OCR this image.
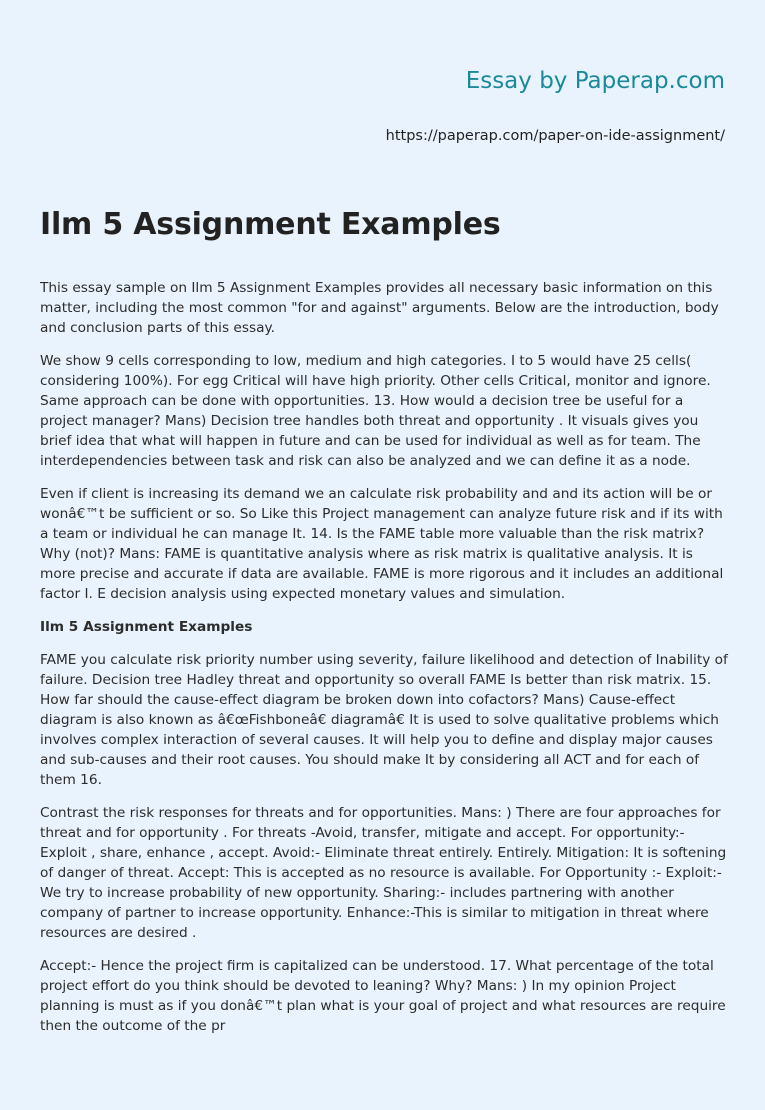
Essay by Paperap.com
https://paperap.com/paper-on-ide-assignment/
Ilm 5 Assignment Examples

This essay sample on Ilm 5 Assignment Examples provides all necessary basic information on this matter, including the most common "for and against" arguments. Below are the introduction, body and conclusion parts of this essay.

We show 9 cells corresponding to low, medium and high categories. I to 5 would have 25 cells( considering 100%). For egg Critical will have high priority. Other cells Critical, monitor and ignore. Same approach can be done with opportunities. 13. How would a decision tree be useful for a project manager? Mans) Decision tree handles both threat and opportunity . It visuals gives you brief idea that what will happen in future and can be used for individual as well as for team. The interdependencies between task and risk can also be analyzed and we can define it as a node.

Even if client is increasing its demand we an calculate risk probability and and its action will be or wonâ€™t be sufficient or so. So Like this Project management can analyze future risk and if its with a team or individual he can manage It. 14. Is the FAME table more valuable than the risk matrix? Why (not)? Mans: FAME is quantitative analysis where as risk matrix is qualitative analysis. It is more precise and accurate if data are available. FAME is more rigorous and it includes an additional factor I. E decision analysis using expected monetary values and simulation.

Ilm 5 Assignment Examples

FAME you calculate risk priority number using severity, failure likelihood and detection of Inability of failure. Decision tree Hadley threat and opportunity so overall FAME Is better than risk matrix. 15. How far should the cause-effect diagram be broken down into cofactors? Mans) Cause-effect diagram is also known as â€œFishboneâ€ diagramâ€ It is used to solve qualitative problems which involves complex interaction of several causes. It will help you to define and display major causes and sub-causes and their root causes. You should make It by considering all ACT and for each of them 16.

Contrast the risk responses for threats and for opportunities. Mans: ) There are four approaches for threat and for opportunity . For threats -Avoid, transfer, mitigate and accept. For opportunity:- Exploit , share, enhance , accept. Avoid:- Eliminate threat entirely. Entirely. Mitigation: It is softening of danger of threat. Accept: This is accepted as no resource is available. For Opportunity :- Exploit:- We try to increase probability of new opportunity. Sharing:- includes partnering with another company of partner to increase opportunity. Enhance:-This is similar to mitigation in threat where resources are desired .

Accept:- Hence the project firm is capitalized can be understood. 17. What percentage of the total project effort do you think should be devoted to leaning? Why? Mans: ) In my opinion Project planning is must as if you donâ€™t plan what is your goal of project and what resources are require then the outcome of the pr
